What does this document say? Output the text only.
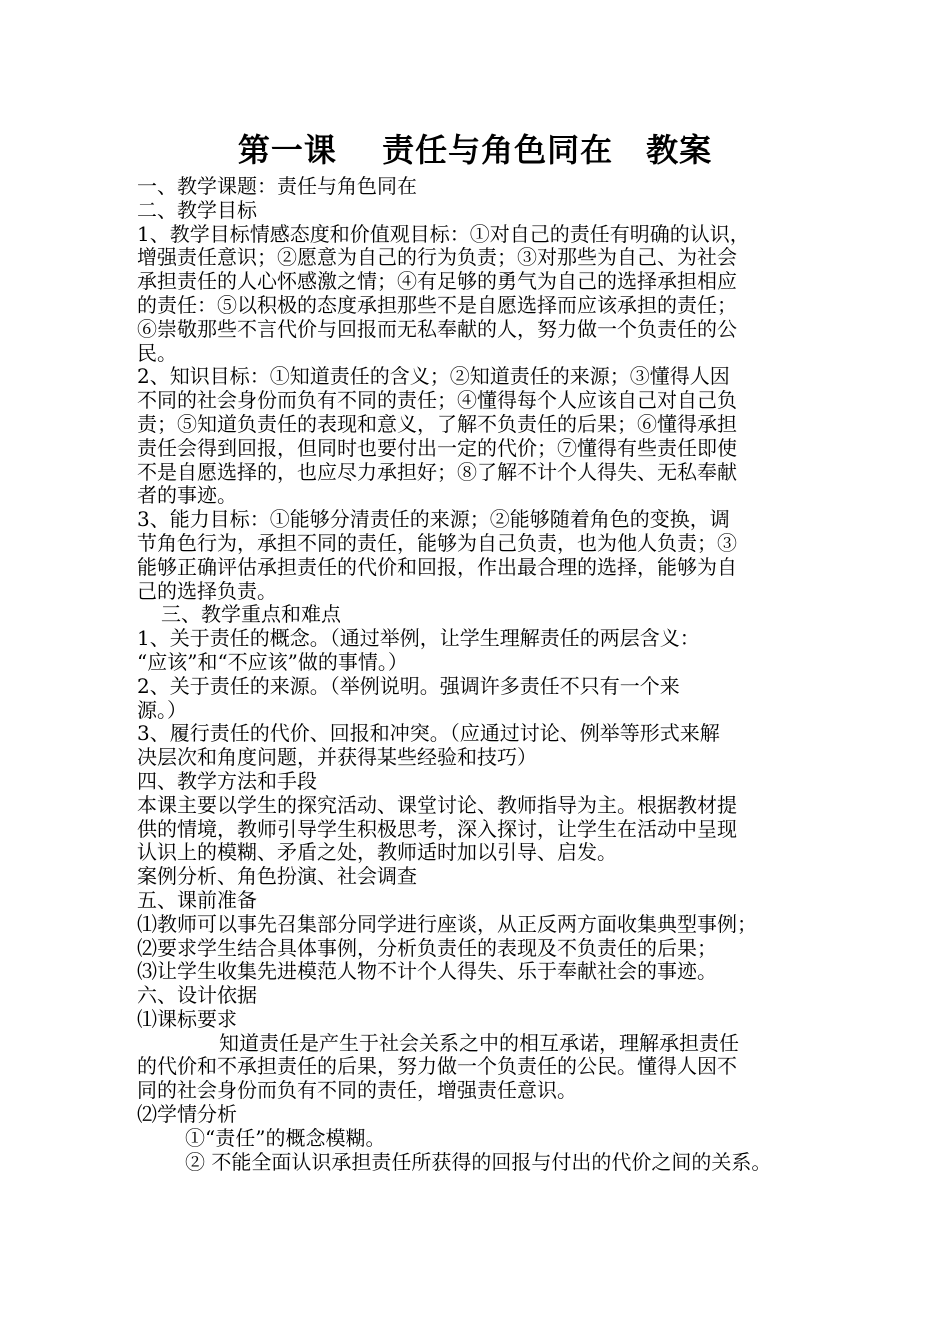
第一课　 责任与角色同在　教案
一、教学课题：责任与角色同在
二、教学目标
1、教学目标情感态度和价值观目标：①对自己的责任有明确的认识，
增强责任意识；②愿意为自己的行为负责；③对那些为自己、为社会
承担责任的人心怀感激之情；④有足够的勇气为自己的选择承担相应
的责任：⑤以积极的态度承担那些不是自愿选择而应该承担的责任；
⑥崇敬那些不言代价与回报而无私奉献的人，努力做一个负责任的公
民。
2、知识目标：①知道责任的含义；②知道责任的来源；③懂得人因
不同的社会身份而负有不同的责任；④懂得每个人应该自己对自己负
责；⑤知道负责任的表现和意义，了解不负责任的后果；⑥懂得承担
责任会得到回报，但同时也要付出一定的代价；⑦懂得有些责任即使
不是自愿选择的，也应尽力承担好；⑧了解不计个人得失、无私奉献
者的事迹。
3、能力目标：①能够分清责任的来源；②能够随着角色的变换，调
节角色行为，承担不同的责任，能够为自己负责，也为他人负责；③
能够正确评估承担责任的代价和回报，作出最合理的选择，能够为自
己的选择负责。
三、教学重点和难点
1、关于责任的概念。（通过举例，让学生理解责任的两层含义：
“应该”和“不应该”做的事情。）
2、关于责任的来源。（举例说明。强调许多责任不只有一个来
源。）
3、履行责任的代价、回报和冲突。（应通过讨论、例举等形式来解
决层次和角度问题，并获得某些经验和技巧）
四、教学方法和手段
本课主要以学生的探究活动、课堂讨论、教师指导为主。根据教材提
供的情境，教师引导学生积极思考，深入探讨，让学生在活动中呈现
认识上的模糊、矛盾之处，教师适时加以引导、启发。
案例分析、角色扮演、社会调查
五、课前准备
⑴教师可以事先召集部分同学进行座谈，从正反两方面收集典型事例；
⑵要求学生结合具体事例，分析负责任的表现及不负责任的后果；
⑶让学生收集先进模范人物不计个人得失、乐于奉献社会的事迹。
六、设计依据
⑴课标要求
知道责任是产生于社会关系之中的相互承诺，理解承担责任
的代价和不承担责任的后果，努力做一个负责任的公民。懂得人因不
同的社会身份而负有不同的责任，增强责任意识。
⑵学情分析
①“责任”的概念模糊。
② 不能全面认识承担责任所获得的回报与付出的代价之间的关系。
